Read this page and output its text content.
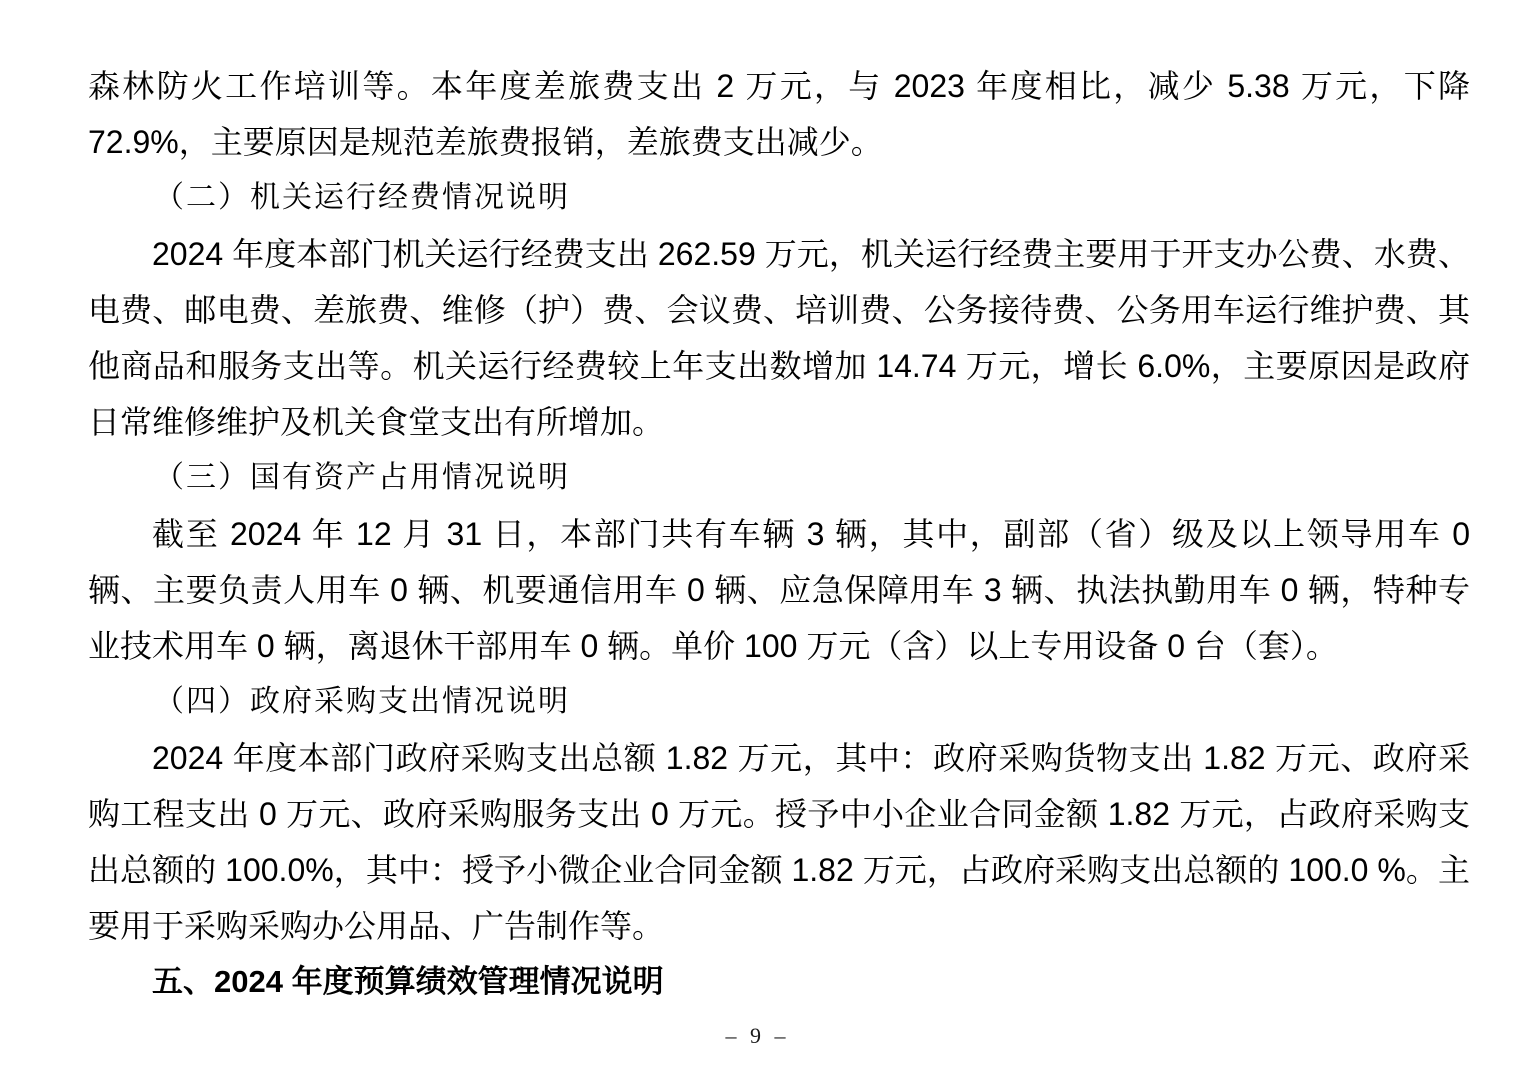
森林防火工作培训等。本年度差旅费支出 2 万元，与 2023 年度相比，减少 5.38 万元，下降 72.9%，主要原因是规范差旅费报销，差旅费支出减少。

（二）机关运行经费情况说明

2024 年度本部门机关运行经费支出 262.59 万元，机关运行经费主要用于开支办公费、水费、电费、邮电费、差旅费、维修（护）费、会议费、培训费、公务接待费、公务用车运行维护费、其他商品和服务支出等。机关运行经费较上年支出数增加 14.74 万元，增长 6.0%，主要原因是政府日常维修维护及机关食堂支出有所增加。

（三）国有资产占用情况说明

截至 2024 年 12 月 31 日，本部门共有车辆 3 辆，其中，副部（省）级及以上领导用车 0 辆、主要负责人用车 0 辆、机要通信用车 0 辆、应急保障用车 3 辆、执法执勤用车 0 辆，特种专业技术用车 0 辆，离退休干部用车 0 辆。单价 100 万元（含）以上专用设备 0 台（套）。

（四）政府采购支出情况说明

2024 年度本部门政府采购支出总额 1.82 万元，其中：政府采购货物支出 1.82 万元、政府采购工程支出 0 万元、政府采购服务支出 0 万元。授予中小企业合同金额 1.82 万元，占政府采购支出总额的 100.0%，其中：授予小微企业合同金额 1.82 万元，占政府采购支出总额的 100.0 %。主要用于采购采购办公用品、广告制作等。

五、2024 年度预算绩效管理情况说明

– 9 –
